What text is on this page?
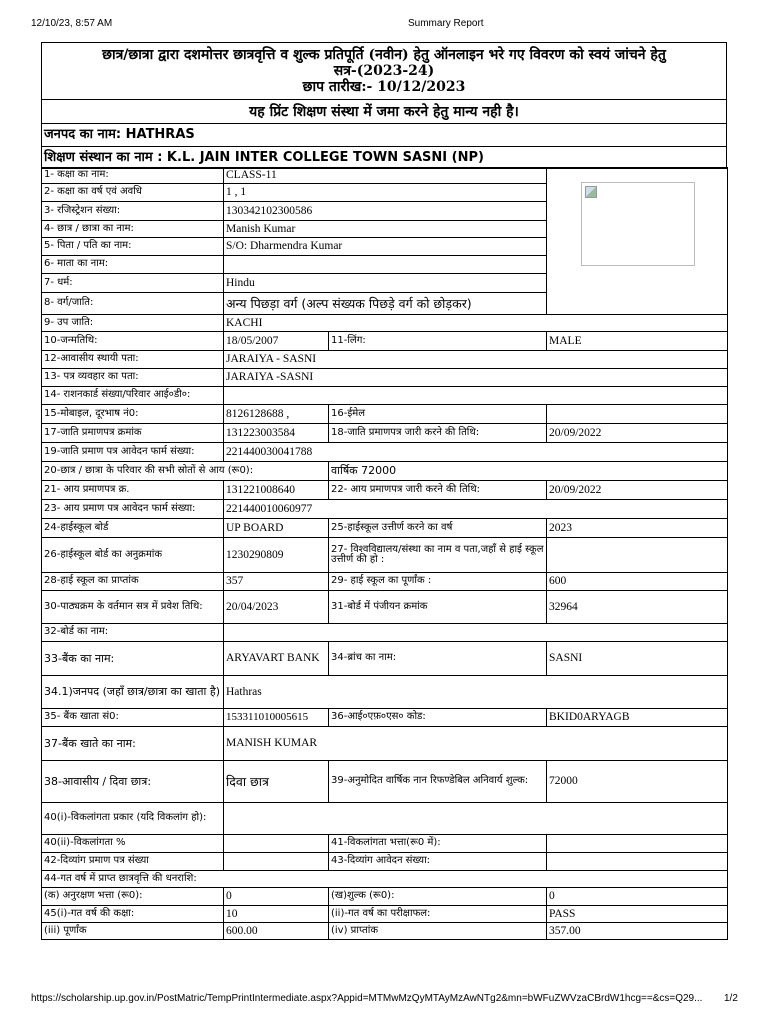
12/10/23, 8:57 AM	Summary Report
छात्र/छात्रा द्वारा दशमोत्तर छात्रवृत्ति व शुल्क प्रतिपूर्ति (नवीन) हेतु ऑनलाइन भरे गए विवरण को स्वयं जांचने हेतु
सत्र-(2023-24)
छाप तारीख:- 10/12/2023

यह प्रिंट शिक्षण संस्था में जमा करने हेतु मान्य नही है।
जनपद का नाम: HATHRAS
शिक्षण संस्थान का नाम : K.L. JAIN INTER COLLEGE TOWN SASNI (NP)
1- कक्षा का नाम:	CLASS-11		

2- कक्षा का वर्ष एवं अवधि	1 , 1		
3- रजिस्ट्रेशन संख्या:	130342102300586		
4- छात्र / छात्रा का नाम:	Manish Kumar		
5- पिता / पति का नाम:	S/O: Dharmendra Kumar		
6- माता का नाम:			
7- धर्म:	Hindu		
8- वर्ग/जाति:	अन्य पिछड़ा वर्ग (अल्प संख्यक पिछड़े वर्ग को छोड़कर)		
9- उप जाति:	KACHI		
10-जन्मतिथि:	18/05/2007	11-लिंग:	MALE
12-आवासीय स्थायी पता:	JARAIYA - SASNI		
13- पत्र व्यवहार का पता:	JARAIYA -SASNI		
14- राशनकार्ड संख्या/परिवार आई०डी०:			
15-मोबाइल, दूरभाष नं0:	8126128688 ,	16-ईमेल	
17-जाति प्रमाणपत्र क्रमांक	131223003584	18-जाति प्रमाणपत्र जारी करने की तिथि:	20/09/2022
19-जाति प्रमाण पत्र आवेदन फार्म संख्या:	221440030041788		
20-छात्र / छात्रा के परिवार की सभी स्रोतों से आय (रू0):		वार्षिक 72000	
21- आय प्रमाणपत्र क्र.	131221008640	22- आय प्रमाणपत्र जारी करने की तिथि:	20/09/2022
23- आय प्रमाण पत्र आवेदन फार्म संख्या:	221440010060977		
24-हाईस्कूल बोर्ड	UP BOARD	25-हाईस्कूल उत्तीर्ण करने का वर्ष	2023
26-हाईस्कूल बोर्ड का अनुक्रमांक	1230290809	27- विश्वविद्यालय/संस्था का नाम व पता,जहाँ से हाई स्कूल उत्तीर्ण की हो :	
28-हाई स्कूल का प्राप्तांक	357	29- हाई स्कूल का पूर्णांक :	600
30-पाठ्यक्रम के वर्तमान सत्र में प्रवेश तिथि:	20/04/2023	31-बोर्ड में पंजीयन क्रमांक	32964
32-बोर्ड का नाम:			
33-बैंक का नाम:	ARYAVART BANK	34-ब्रांच का नाम:	SASNI
34.1)जनपद (जहाँ छात्र/छात्रा का खाता है)	Hathras		
35- बैंक खाता सं0:	153311010005615	36-आई०एफ़०एस० कोड:	BKID0ARYAGB
37-बैंक खाते का नाम:	MANISH KUMAR		
38-आवासीय / दिवा छात्र:	दिवा छात्र	39-अनुमोदित वार्षिक नान रिफण्डेबिल अनिवार्य शुल्क:	72000
40(i)-विकलांगता प्रकार (यदि विकलांग हो):			
40(ii)-विकलांगता %		41-विकलांगता भत्ता(रू0 में):	
42-दिव्यांग प्रमाण पत्र संख्या		43-दिव्यांग आवेदन संख्या:	
44-गत वर्ष में प्राप्त छात्रवृत्ति की धनराशि:			
(क) अनुरक्षण भत्ता (रू0):	0	(ख)शुल्क (रू0):	0
45(i)-गत वर्ष की कक्षा:	10	(ii)-गत वर्ष का परीक्षाफल:	PASS
(iii) पूर्णांक	600.00	(iv) प्राप्तांक	357.00
https://scholarship.up.gov.in/PostMatric/TempPrintIntermediate.aspx?Appid=MTMwMzQyMTAyMzAwNTg2&mn=bWFuZWVzaCBrdW1hcg==&cs=Q29...	1/2
